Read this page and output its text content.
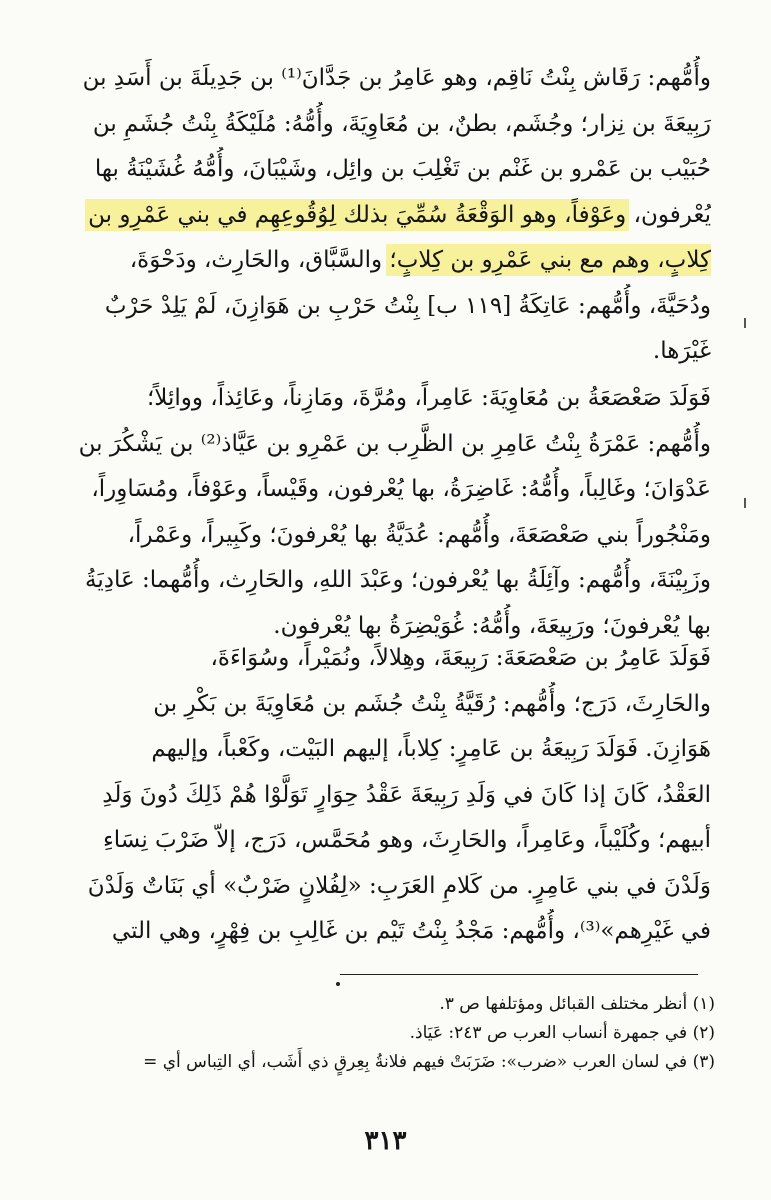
وأُمُّهم: رَقَاش بِنْتُ نَاقِم، وهو عَامِرُ بن جَدَّانَ⁽¹⁾ بن جَدِيلَةَ بن أَسَدِ بن
رَبِيعَةَ بن نِزار؛ وجُشَم، بطنٌ، بن مُعَاوِيَةَ، وأُمُّهُ: مُلَيْكَةُ بِنْتُ جُشَمِ بن
حُبَيْب بن عَمْرو بن غَنْم بن تَغْلِبَ بن وائِل، وشَيْبَانَ، وأُمُّهُ غُشَيْنَةُ بها
يُعْرفون، وعَوْفاً، وهو الوَقْعَةُ سُمِّيَ بذلك لِوُقُوعِهِم في بني عَمْرِو بن
كِلابٍ، وهم مع بني عَمْرِو بن كِلابٍ؛ والسَّبَّاق، والحَارِث، ودَحْوَةَ،
ودُحَيَّةَ، وأُمُّهم: عَاتِكَةُ [١١٩ ب] بِنْتُ حَرْبِ بن هَوَازِنَ، لَمْ يَلِدْ حَرْبٌ
غَيْرَها.
فَوَلَدَ صَعْصَعَةُ بن مُعَاوِيَةَ: عَامِراً، ومُرَّةَ، ومَازِناً، وعَائِذاً، ووائِلاً؛
وأُمُّهم: عَمْرَةُ بِنْتُ عَامِرِ بن الظَّرِب بن عَمْرِو بن عَيَّاذ⁽²⁾ بن يَشْكُرَ بن
عَدْوَانَ؛ وغَالِباً، وأُمُّهُ: غَاضِرَةُ، بها يُعْرفون، وقَيْساً، وعَوْفاً، ومُسَاوِراً،
ومَنْجُوراً بني صَعْصَعَةَ، وأُمُّهم: عُدَيَّةُ بها يُعْرفونَ؛ وكَبِيراً، وعَمْراً،
وزَبِيْنَةَ، وأُمُّهم: وآئِلَةُ بها يُعْرفون؛ وعَبْدَ اللهِ، والحَارِث، وأُمُّهما: عَادِيَةُ
بها يُعْرفونَ؛ ورَبِيعَةَ، وأُمُّهُ: غُوَيْضِرَةُ بها يُعْرفون.
فَوَلَدَ عَامِرُ بن صَعْصَعَةَ: رَبِيعَةَ، وهِلالاً، ونُمَيْراً، وسُوَاءَةَ،
والحَارِثَ، دَرَج؛ وأُمُّهم: رُقَيَّةُ بِنْتُ جُشَم بن مُعَاوِيَةَ بن بَكْرِ بن
هَوَازِنَ. فَوَلَدَ رَبِيعَةُ بن عَامِرٍ: كِلاباً، إليهم البَيْت، وكَعْباً، وإليهم
العَقْدُ، كَانَ إذا كَانَ في وَلَدِ رَبِيعَةَ عَقْدُ حِوَارٍ تَوَلَّوْا هُمْ ذَلِكَ دُونَ وَلَدِ
أبيهم؛ وكُلَيْباً، وعَامِراً، والحَارِثَ، وهو مُحَمَّس، دَرَج، إلاّ ضَرْبَ نِسَاءِ
وَلَدْنَ في بني عَامِرٍ. من كَلامِ العَرَبِ: «لِفُلانٍ ضَرْبٌ» أي بَنَاتٌ وَلَدْنَ
في غَيْرِهم»⁽³⁾، وأُمُّهم: مَجْدُ بِنْتُ تَيْم بن غَالِبِ بن فِهْرٍ، وهي التي
(١) أنظر مختلف القبائل ومؤتلفها ص ٣.
(٢) في جمهرة أنساب العرب ص ٢٤٣: عَيَاذ.
(٣) في لسان العرب «ضرب»: ضَرَبَتْ فيهم فلانةُ بِعِرقٍ ذي أَشَب، أي التِباس أي =
٣١٣
